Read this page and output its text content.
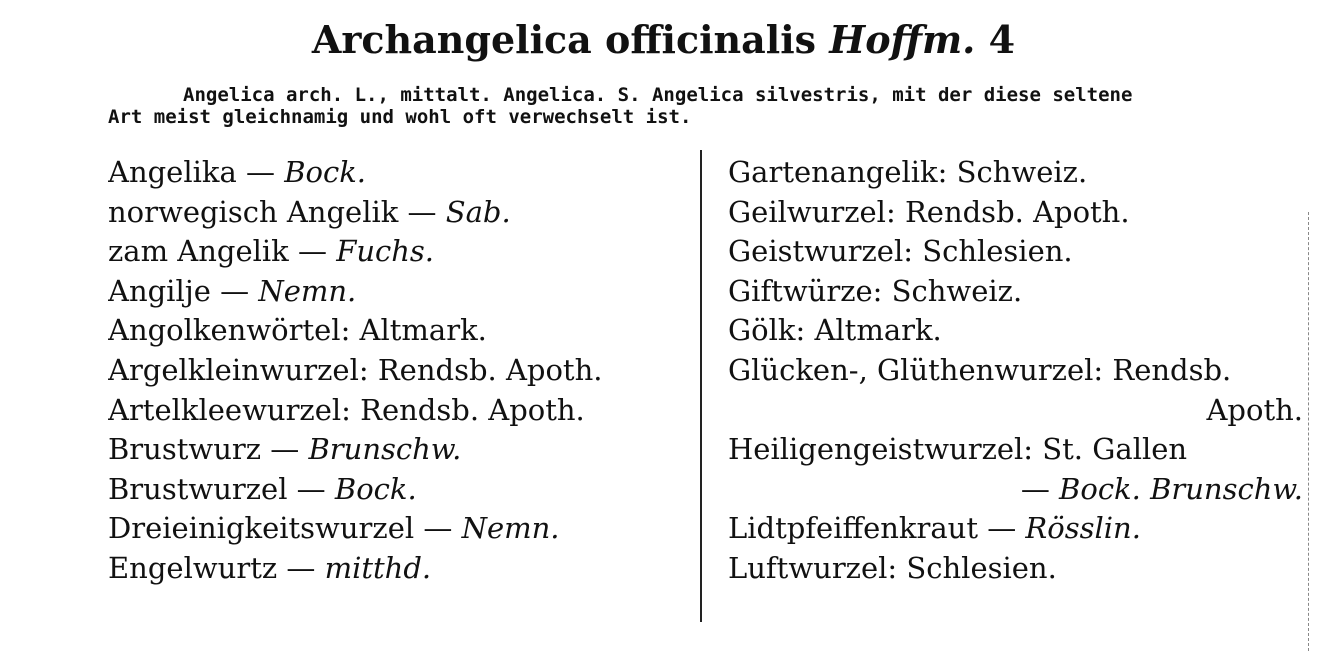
Archangelica officinalis Hoffm. 4
Angelica arch. L., mittalt. Angelica. S. Angelica silvestris, mit der diese seltene
Art meist gleichnamig und wohl oft verwechselt ist.
Angelika — Bock.
norwegisch Angelik — Sab.
zam Angelik — Fuchs.
Angilje — Nemn.
Angolkenwörtel: Altmark.
Argelkleinwurzel: Rendsb. Apoth.
Artelkleewurzel: Rendsb. Apoth.
Brustwurz — Brunschw.
Brustwurzel — Bock.
Dreieinigkeitswurzel — Nemn.
Engelwurtz — mitthd.
Gartenangelik: Schweiz.
Geilwurzel: Rendsb. Apoth.
Geistwurzel: Schlesien.
Giftwürze: Schweiz.
Gölk: Altmark.
Glücken-, Glüthenwurzel: Rendsb.
Apoth.
Heiligengeistwurzel: St. Gallen
— Bock. Brunschw.
Lidtpfeiffenkraut — Rösslin.
Luftwurzel: Schlesien.
